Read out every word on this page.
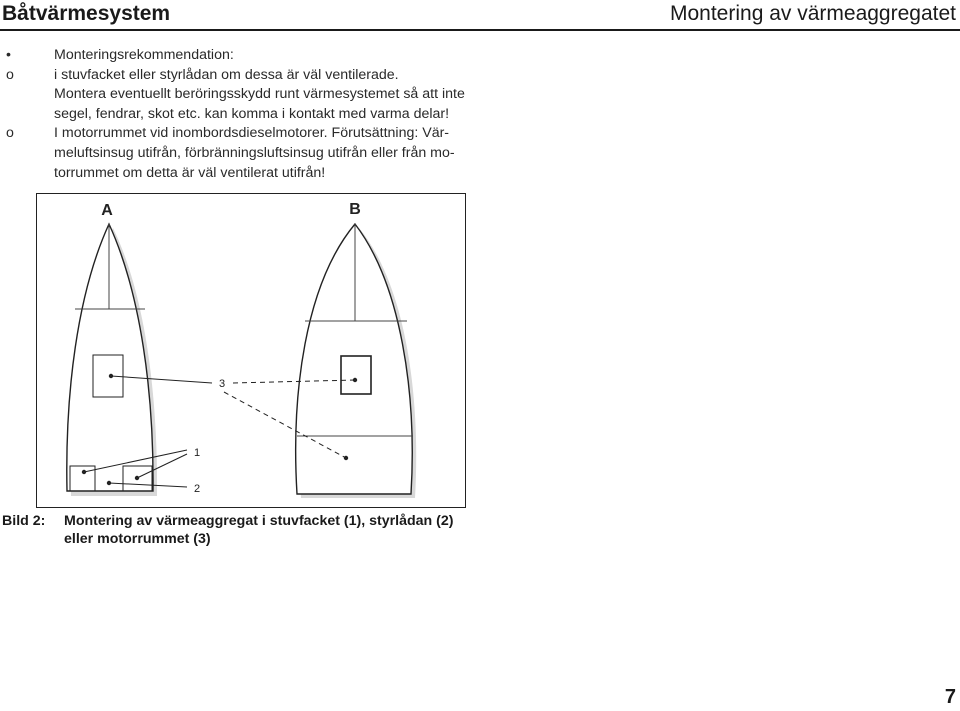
Båtvärmesystem	Montering av värmeaggregatet
•	Monteringsrekommendation:
o	i stuvfacket eller styrlådan om dessa är väl ventilerade.
Montera eventuellt beröringsskydd runt värmesystemet så att inte
segel, fendrar, skot etc. kan komma i kontakt med varma delar!
o	I motorrummet vid inombordsdieselmotorer. Förutsättning: Vär-
meluftsinsug utifrån, förbränningsluftsinsug utifrån eller från mo-
torrummet om detta är väl ventilerat utifrån!
A	B
3
1
2
Bild 2: Montering av värmeaggregat i stuvfacket (1), styrlådan (2)
eller motorrummet (3)
7
